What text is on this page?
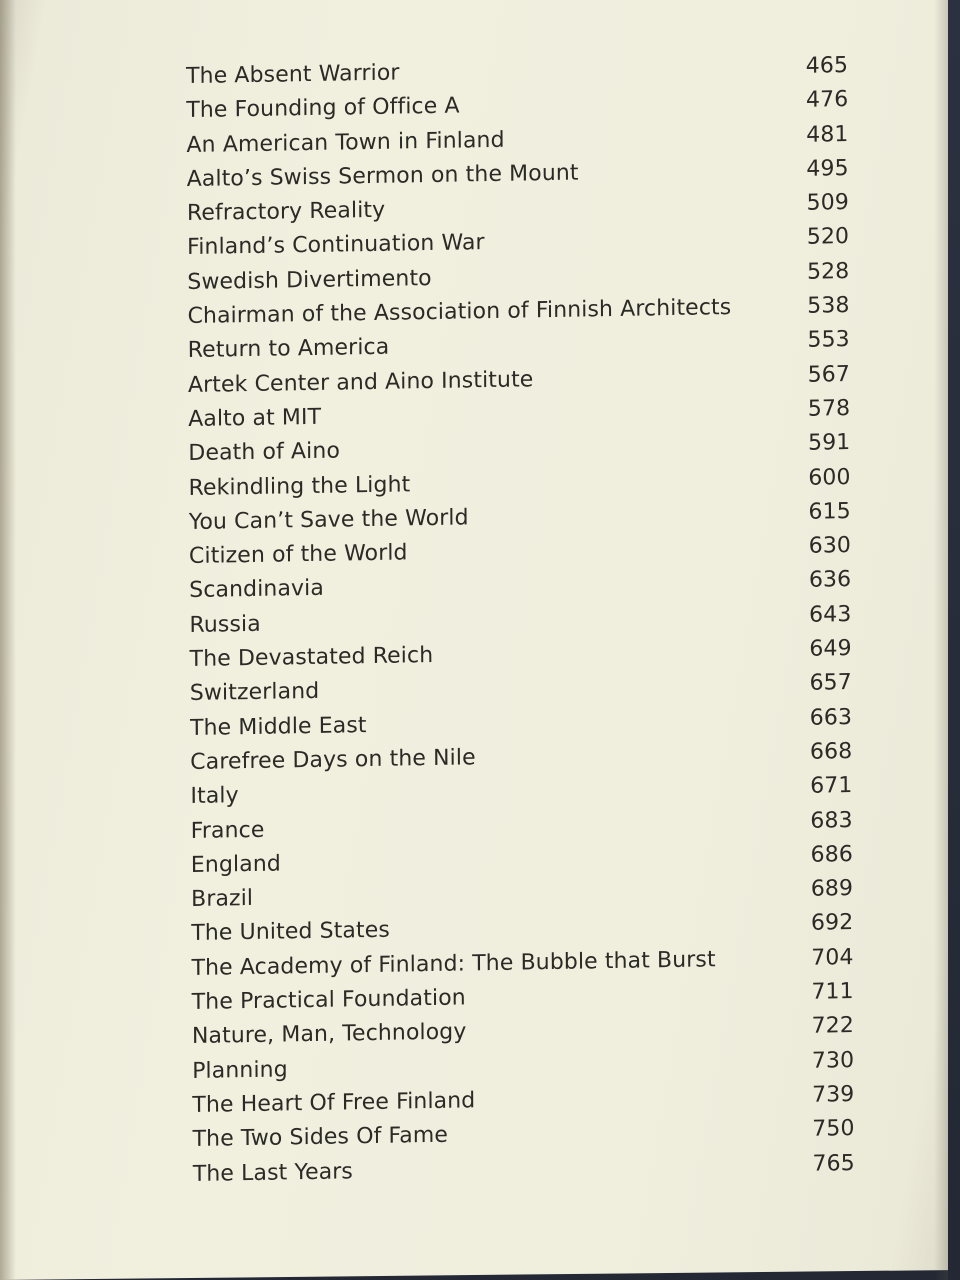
The Absent Warrior	465
The Founding of Office A	476
An American Town in Finland	481
Aalto’s Swiss Sermon on the Mount	495
Refractory Reality	509
Finland’s Continuation War	520
Swedish Divertimento	528
Chairman of the Association of Finnish Architects	538
Return to America	553
Artek Center and Aino Institute	567
Aalto at MIT	578
Death of Aino	591
Rekindling the Light	600
You Can’t Save the World	615
Citizen of the World	630
Scandinavia	636
Russia	643
The Devastated Reich	649
Switzerland	657
The Middle East	663
Carefree Days on the Nile	668
Italy	671
France	683
England	686
Brazil	689
The United States	692
The Academy of Finland: The Bubble that Burst	704
The Practical Foundation	711
Nature, Man, Technology	722
Planning	730
The Heart Of Free Finland	739
The Two Sides Of Fame	750
The Last Years	765
